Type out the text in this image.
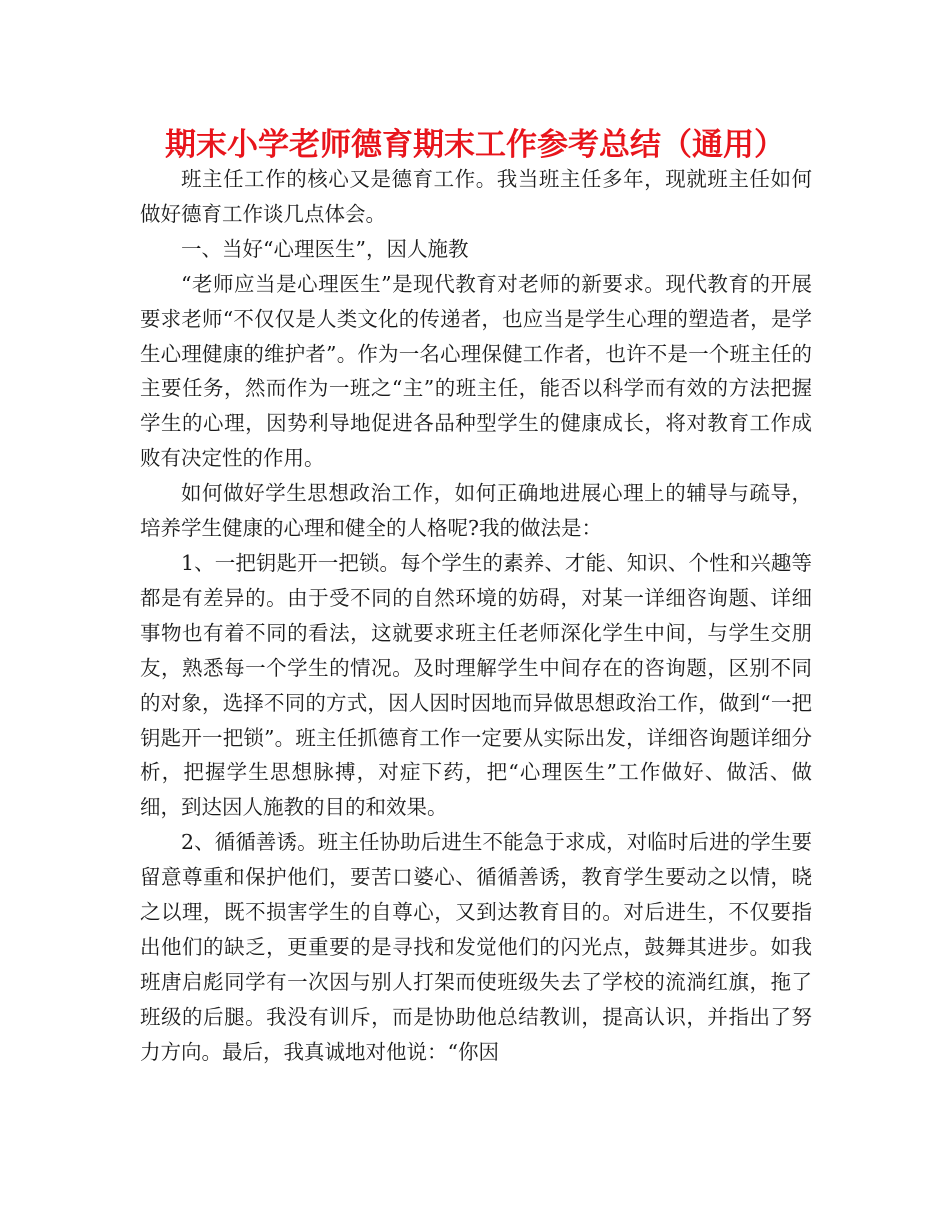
期末小学老师德育期末工作参考总结（通用）

班主任工作的核心又是德育工作。我当班主任多年，现就班主任如何做好德育工作谈几点体会。

一、当好“心理医生”，因人施教

“老师应当是心理医生”是现代教育对老师的新要求。现代教育的开展要求老师“不仅仅是人类文化的传递者，也应当是学生心理的塑造者，是学生心理健康的维护者”。作为一名心理保健工作者，也许不是一个班主任的主要任务，然而作为一班之“主”的班主任，能否以科学而有效的方法把握学生的心理，因势利导地促进各品种型学生的健康成长，将对教育工作成败有决定性的作用。

如何做好学生思想政治工作，如何正确地进展心理上的辅导与疏导，培养学生健康的心理和健全的人格呢?我的做法是：

1、一把钥匙开一把锁。每个学生的素养、才能、知识、个性和兴趣等都是有差异的。由于受不同的自然环境的妨碍，对某一详细咨询题、详细事物也有着不同的看法，这就要求班主任老师深化学生中间，与学生交朋友，熟悉每一个学生的情况。及时理解学生中间存在的咨询题，区别不同的对象，选择不同的方式，因人因时因地而异做思想政治工作，做到“一把钥匙开一把锁”。班主任抓德育工作一定要从实际出发，详细咨询题详细分析，把握学生思想脉搏，对症下药，把“心理医生”工作做好、做活、做细，到达因人施教的目的和效果。

2、循循善诱。班主任协助后进生不能急于求成，对临时后进的学生要留意尊重和保护他们，要苦口婆心、循循善诱，教育学生要动之以情，晓之以理，既不损害学生的自尊心，又到达教育目的。对后进生，不仅要指出他们的缺乏，更重要的是寻找和发觉他们的闪光点，鼓舞其进步。如我班唐启彪同学有一次因与别人打架而使班级失去了学校的流淌红旗，拖了班级的后腿。我没有训斥，而是协助他总结教训，提高认识，并指出了努力方向。最后，我真诚地对他说：“你因
